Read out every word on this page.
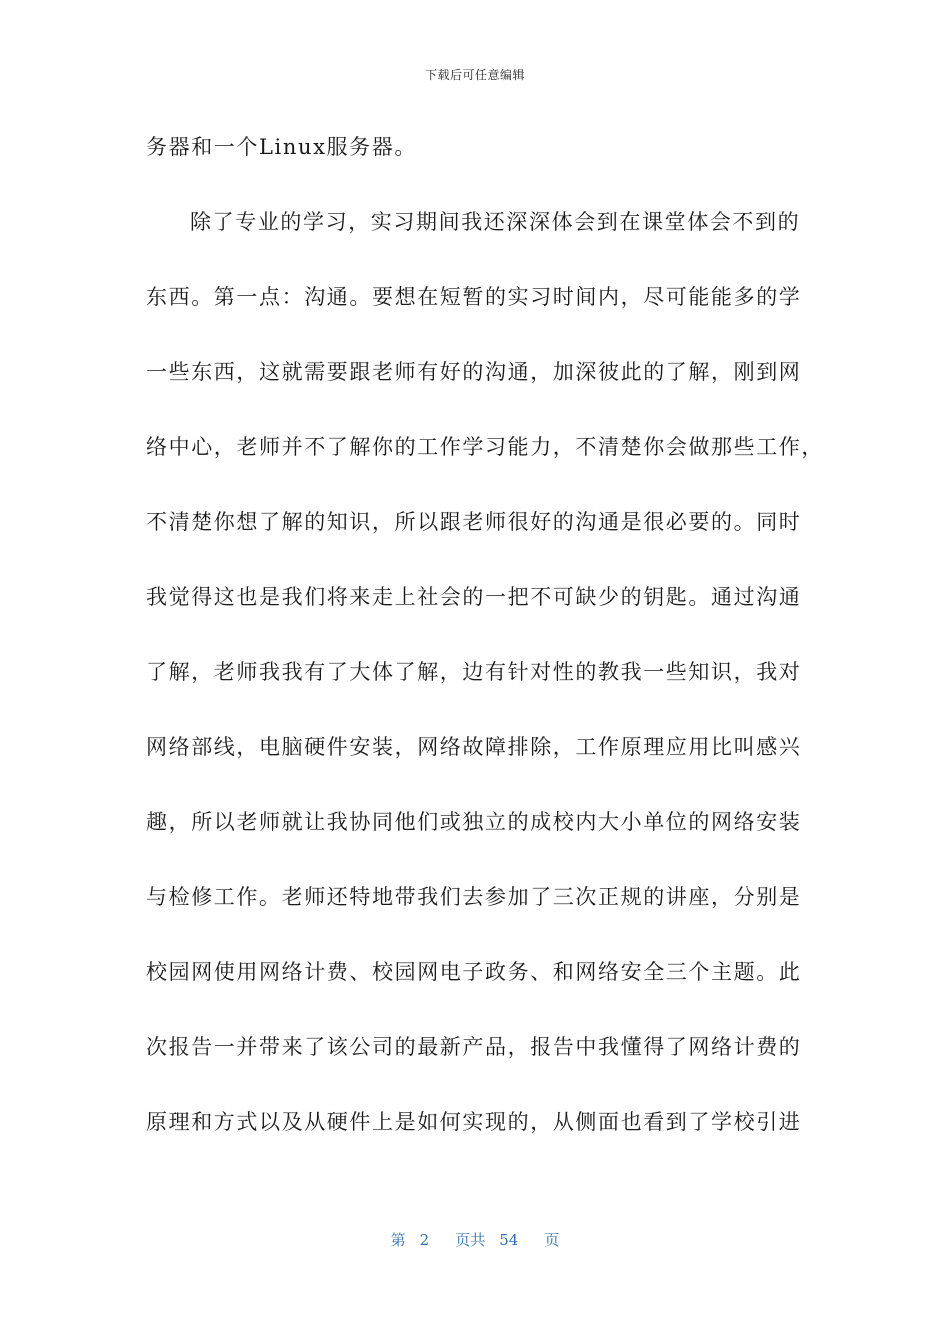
下载后可任意编辑
务器和一个Linux服务器。
除了专业的学习，实习期间我还深深体会到在课堂体会不到的
东西。第一点：沟通。要想在短暂的实习时间内，尽可能能多的学
一些东西，这就需要跟老师有好的沟通，加深彼此的了解，刚到网
络中心，老师并不了解你的工作学习能力，不清楚你会做那些工作，
不清楚你想了解的知识，所以跟老师很好的沟通是很必要的。同时
我觉得这也是我们将来走上社会的一把不可缺少的钥匙。通过沟通
了解，老师我我有了大体了解，边有针对性的教我一些知识，我对
网络部线，电脑硬件安装，网络故障排除，工作原理应用比叫感兴
趣，所以老师就让我协同他们或独立的成校内大小单位的网络安装
与检修工作。老师还特地带我们去参加了三次正规的讲座，分别是
校园网使用网络计费、校园网电子政务、和网络安全三个主题。此
次报告一并带来了该公司的最新产品，报告中我懂得了网络计费的
原理和方式以及从硬件上是如何实现的，从侧面也看到了学校引进
第 2 页共 54 页
